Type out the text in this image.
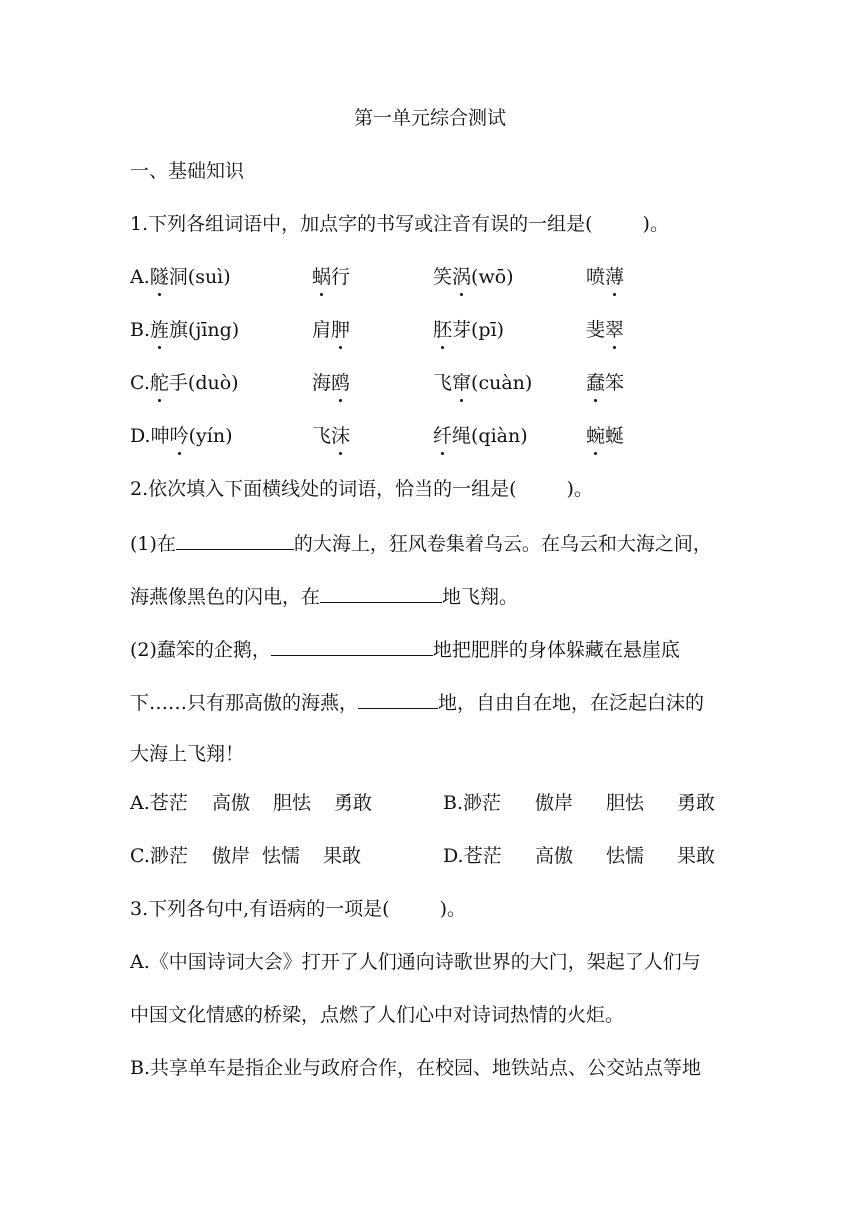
第一单元综合测试
一、基础知识
1.下列各组词语中，加点字的书写或注音有误的一组是(	)。
A.隧洞(suì)	蜗行	笑涡(wō)	喷薄
B.旌旗(jīng)	肩胛	胚芽(pī)	斐翠
C.舵手(duò)	海鸥	飞窜(cuàn)	蠢笨
D.呻吟(yín)	飞沫	纤绳(qiàn)	蜿蜒
2.依次填入下面横线处的词语，恰当的一组是(	)。
(1)在	的大海上，狂风卷集着乌云。在乌云和大海之间，
海燕像黑色的闪电，在	地飞翔。
(2)蠢笨的企鹅，	地把肥胖的身体躲藏在悬崖底
下……只有那高傲的海燕，	地，自由自在地，在泛起白沫的
大海上飞翔！
A.苍茫 高傲 胆怯 勇敢	B.渺茫 傲岸 胆怯 勇敢
C.渺茫 傲岸 怯懦 果敢	D.苍茫 高傲 怯懦 果敢
3.下列各句中,有语病的一项是(	)。
A.《中国诗词大会》打开了人们通向诗歌世界的大门，架起了人们与
中国文化情感的桥梁，点燃了人们心中对诗词热情的火炬。
B.共享单车是指企业与政府合作，在校园、地铁站点、公交站点等地
